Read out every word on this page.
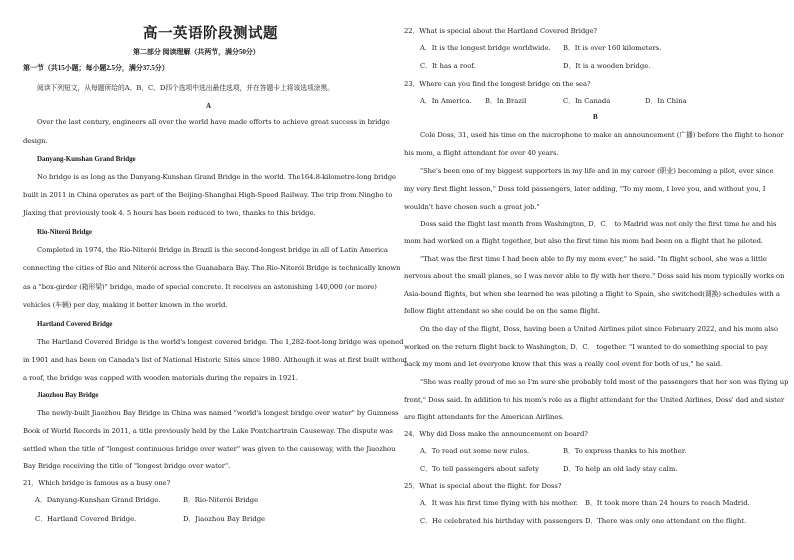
高一英语阶段测试题
第二部分 阅读理解（共两节，满分50分）
第一节（共15小题；每小题2.5分，满分37.5分）
阅读下列短文，从每题所给的A、B、C、D四个选项中选出最佳选项，并在答题卡上将该选项涂黑。
A
Over the last century, engineers all over the world have made efforts to achieve great success in bridge
design.
Danyang-Kunshan Grand Bridge
No bridge is as long as the Danyang-Kunshan Grand Bridge in the world. The164.8-kilometre-long bridge
built in 2011 in China operates as part of the Beijing-Shanghai High-Speed Railway. The trip from Ningbo to
Jiaxing that previously took 4. 5 hours has been reduced to two, thanks to this bridge.
Rio-Niterói Bridge
Completed in 1974, the Rio-Niterói Bridge in Brazil is the second-longest bridge in all of Latin America
connecting the cities of Rio and Niterói across the Guanabara Bay. The Rio-Niterói Bridge is technically known
as a "box-girder (箱形梁)" bridge, made of special concrete. It receives an astonishing 140,000 (or more)
vehicles (车辆) per day, making it better known in the world.
Hartland Covered Bridge
The Hartland Covered Bridge is the world's longest covered bridge. The 1,282-foot-long bridge was opened
in 1901 and has been on Canada's list of National Historic Sites since 1980. Although it was at first built without
a roof, the bridge was capped with wooden materials during the repairs in 1921.
Jiaozhou Bay Bridge
The newly-built Jiaozhou Bay Bridge in China was named "world's longest bridge over water" by Guinness
Book of World Records in 2011, a title previously held by the Lake Pontchartrain Causeway. The dispute was
settled when the title of "longest continuous bridge over water" was given to the causeway, with the Jiaozhou
Bay Bridge receiving the title of "longest bridge over water".
21．Which bridge is famous as a busy one?
A．Danyang-Kunshan Grand Bridge.	B．Rio-Niterói Bridge
C．Hartland Covered Bridge.	D．Jiaozhou Bay Bridge
22．What is special about the Hartland Covered Bridge?
A．It is the longest bridge worldwide. B．It is over 160 kilometers.
C．It has a roof.	D．It is a wooden bridge.
23．Where can you find the longest bridge on the sea?
A．In America. B．In Brazil	C．In Canada	D．In China
B
Cole Doss, 31, used his time on the microphone to make an announcement (广播) before the flight to honor
his mom, a flight attendant for over 40 years.
"She's been one of my biggest supporters in my life and in my career (职业) becoming a pilot, ever since
my very first flight lesson," Doss told passengers, later adding, "To my mom, I love you, and without you, I
wouldn't have chosen such a great job."
Doss said the flight last month from Washington, D．C． to Madrid was not only the first time he and his
mom had worked on a flight together, but also the first time his mom had been on a flight that he piloted.
"That was the first time I had been able to fly my mom ever," he said. "In flight school, she was a little
nervous about the small planes, so I was never able to fly with her there." Doss said his mom typically works on
Asia-bound flights, but when she learned he was piloting a flight to Spain, she switched(调换) schedules with a
fellow flight attendant so she could be on the same flight.
On the day of the flight, Doss, having been a United Airlines pilot since February 2022, and his mom also
worked on the return flight back to Washington, D．C． together. "I wanted to do something special to pay
back my mom and let everyone know that this was a really cool event for both of us," he said.
"She was really proud of me so I'm sure she probably told most of the passengers that her son was flying up
front," Doss said. In addition to his mom's role as a flight attendant for the United Airlines, Doss' dad and sister
are flight attendants for the American Airlines.
24．Why did Doss make the announcement on board?
A．To read out some new rules.	B．To express thanks to his mother.
C．To tell passengers about safety	D．To help an old lady stay calm.
25．What is special about the flight. for Doss?
A．It was his first time flying with his mother. B．It took more than 24 hours to reach Madrid.
C．He celebrated his birthday with passengers D．There was only one attendant on the flight.
